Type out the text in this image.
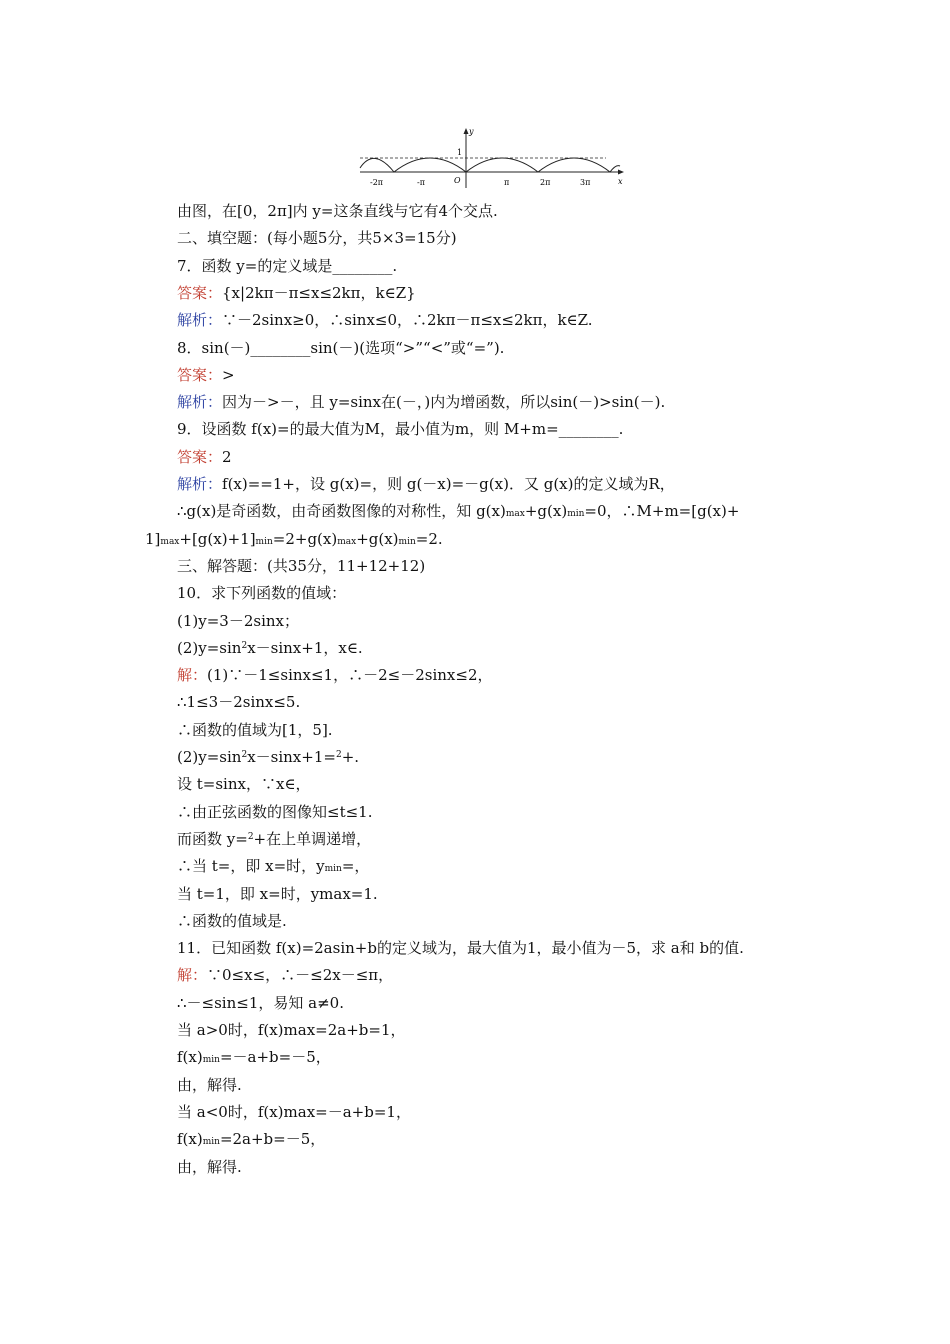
y
x
1
O
-2π	-π	π	2π	3π
由图，在[0，2π]内 y=这条直线与它有4个交点.
二、填空题：(每小题5分，共5×3=15分)
7．函数 y=的定义域是________.
答案：{x|2kπ－π≤x≤2kπ，k∈Z}
解析：∵－2sinx≥0，∴sinx≤0，∴2kπ－π≤x≤2kπ，k∈Z.
8．sin(－)________sin(－)(选项“>”“<”或“=”).
答案：>
解析：因为－>－，且 y=sinx在(－，)内为增函数，所以sin(－)>sin(－).
9．设函数 f(x)=的最大值为M，最小值为m，则 M+m=________.
答案：2
解析：f(x)==1+，设 g(x)=，则 g(－x)=－g(x)．又 g(x)的定义域为R，
∴g(x)是奇函数，由奇函数图像的对称性，知 g(x)max+g(x)min=0，∴M+m=[g(x)+
1]max+[g(x)+1]min=2+g(x)max+g(x)min=2.
三、解答题：(共35分，11+12+12)
10．求下列函数的值域：
(1)y=3－2sinx；
$(2)y=\sin^2x-\sin x+1$，x∈.
解：(1)∵－1≤sinx≤1，∴－2≤－2sinx≤2，
∴1≤3－2sinx≤5.
∴函数的值域为[1，5].
$(2)y=\sin^2x-\sin x+1=^2+$.
设 t=sinx，∵x∈，
∴由正弦函数的图像知≤t≤1.
而函数 y=$^2$+在上单调递增，
∴当 t=，即 x=时，ymin=，
当 t=1，即 x=时，ymax=1.
∴函数的值域是.
11．已知函数 f(x)=2asin+b的定义域为，最大值为1，最小值为－5，求 a和 b的值.
解：∵0≤x≤，∴－≤2x－≤π，
∴－≤sin≤1，易知 a≠0.
当 a>0时，f(x)max=2a+b=1，
f(x)min=－a+b=－5，
由，解得.
当 a<0时，f(x)max=－a+b=1，
f(x)min=2a+b=－5，
由，解得.
